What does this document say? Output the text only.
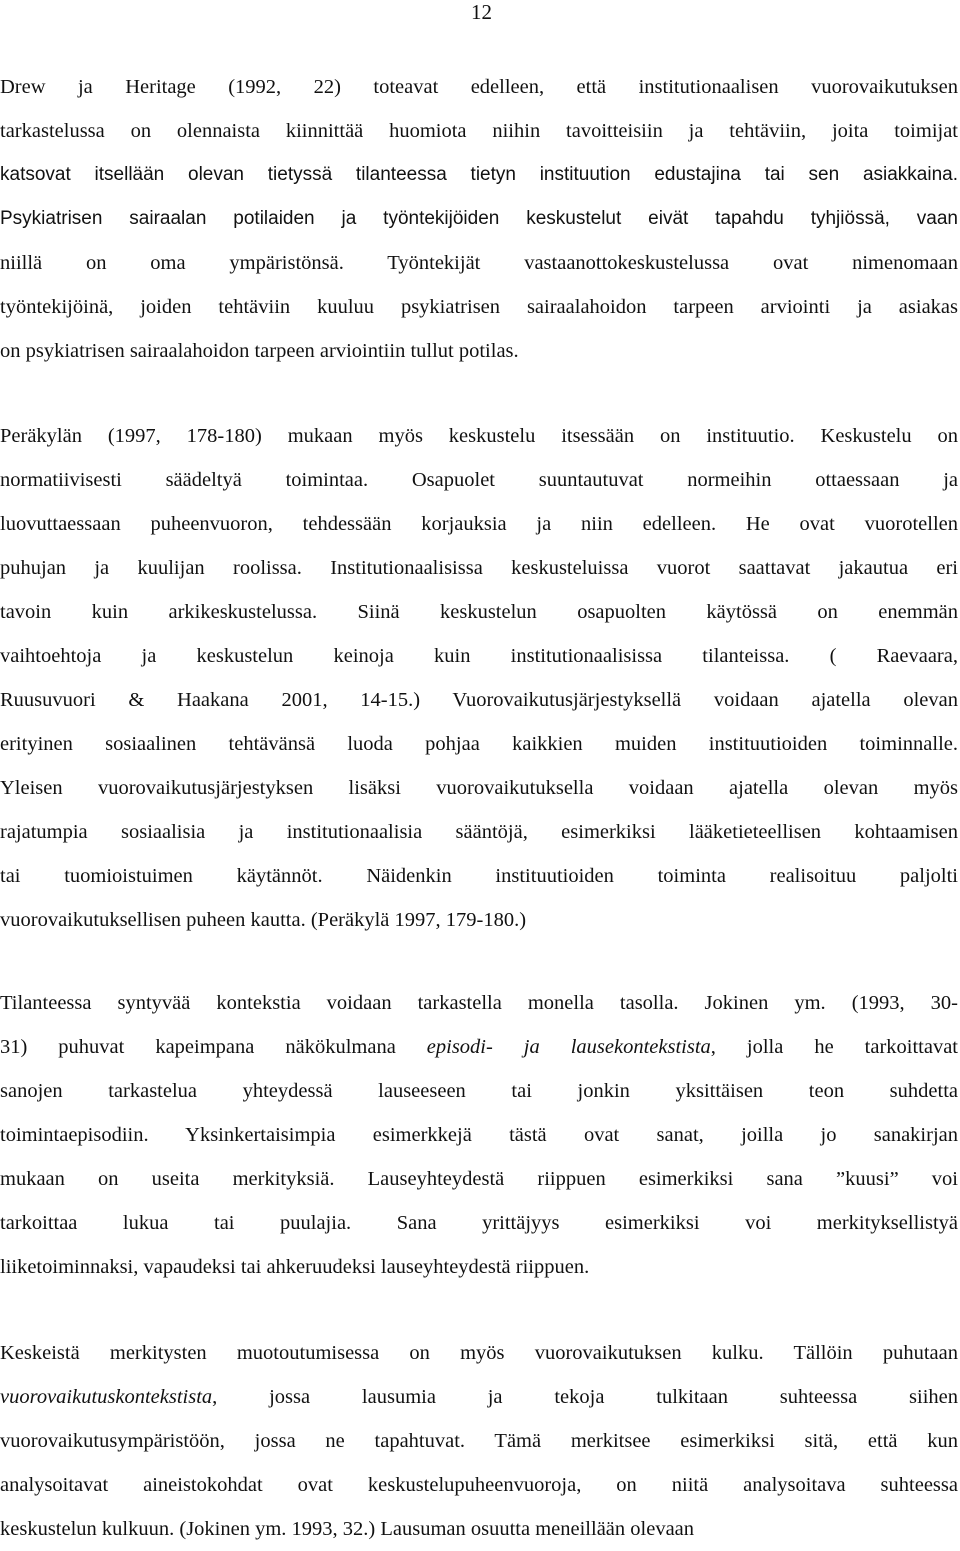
12
Drew ja Heritage (1992, 22) toteavat edelleen, että institutionaalisen vuorovaikutuksen
tarkastelussa on olennaista kiinnittää huomiota niihin tavoitteisiin ja tehtäviin, joita toimijat
katsovat itsellään olevan tietyssä tilanteessa tietyn instituution edustajina tai sen asiakkaina.
Psykiatrisen sairaalan potilaiden ja työntekijöiden keskustelut eivät tapahdu tyhjiössä, vaan
niillä on oma ympäristönsä. Työntekijät vastaanottokeskustelussa ovat nimenomaan
työntekijöinä, joiden tehtäviin kuuluu psykiatrisen sairaalahoidon tarpeen arviointi ja asiakas
on psykiatrisen sairaalahoidon tarpeen arviointiin tullut potilas.
Peräkylän (1997, 178-180) mukaan myös keskustelu itsessään on instituutio. Keskustelu on
normatiivisesti säädeltyä toimintaa. Osapuolet suuntautuvat normeihin ottaessaan ja
luovuttaessaan puheenvuoron, tehdessään korjauksia ja niin edelleen. He ovat vuorotellen
puhujan ja kuulijan roolissa. Institutionaalisissa keskusteluissa vuorot saattavat jakautua eri
tavoin kuin arkikeskustelussa. Siinä keskustelun osapuolten käytössä on enemmän
vaihtoehtoja ja keskustelun keinoja kuin institutionaalisissa tilanteissa. ( Raevaara,
Ruusuvuori & Haakana 2001, 14-15.) Vuorovaikutusjärjestyksellä voidaan ajatella olevan
erityinen sosiaalinen tehtävänsä luoda pohjaa kaikkien muiden instituutioiden toiminnalle.
Yleisen vuorovaikutusjärjestyksen lisäksi vuorovaikutuksella voidaan ajatella olevan myös
rajatumpia sosiaalisia ja institutionaalisia sääntöjä, esimerkiksi lääketieteellisen kohtaamisen
tai tuomioistuimen käytännöt. Näidenkin instituutioiden toiminta realisoituu paljolti
vuorovaikutuksellisen puheen kautta. (Peräkylä 1997, 179-180.)
Tilanteessa syntyvää kontekstia voidaan tarkastella monella tasolla. Jokinen ym. (1993, 30-
31) puhuvat kapeimpana näkökulmana episodi- ja lausekontekstista, jolla he tarkoittavat
sanojen tarkastelua yhteydessä lauseeseen tai jonkin yksittäisen teon suhdetta
toimintaepisodiin. Yksinkertaisimpia esimerkkejä tästä ovat sanat, joilla jo sanakirjan
mukaan on useita merkityksiä. Lauseyhteydestä riippuen esimerkiksi sana ”kuusi” voi
tarkoittaa lukua tai puulajia. Sana yrittäjyys esimerkiksi voi merkityksellistyä
liiketoiminnaksi, vapaudeksi tai ahkeruudeksi lauseyhteydestä riippuen.
Keskeistä merkitysten muotoutumisessa on myös vuorovaikutuksen kulku. Tällöin puhutaan
vuorovaikutuskontekstista, jossa lausumia ja tekoja tulkitaan suhteessa siihen
vuorovaikutusympäristöön, jossa ne tapahtuvat. Tämä merkitsee esimerkiksi sitä, että kun
analysoitavat aineistokohdat ovat keskustelupuheenvuoroja, on niitä analysoitava suhteessa
keskustelun kulkuun. (Jokinen ym. 1993, 32.) Lausuman osuutta meneillään olevaan
